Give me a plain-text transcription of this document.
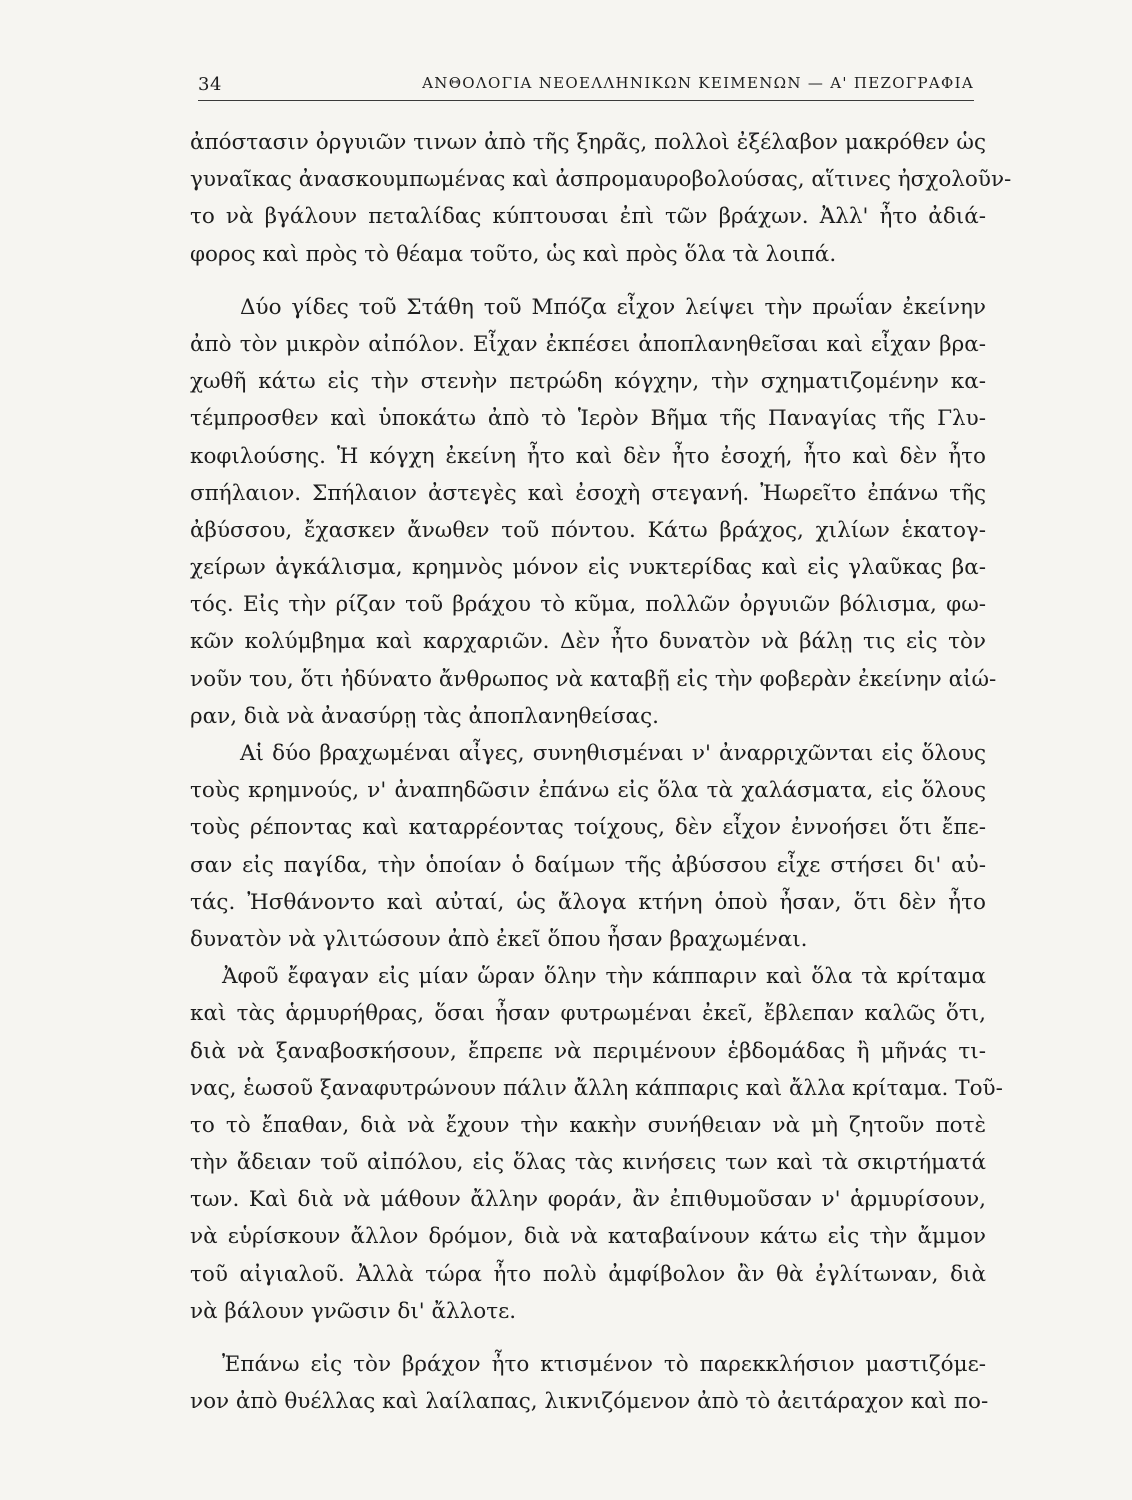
34	ΑΝΘΟΛΟΓΙΑ ΝΕΟΕΛΛΗΝΙΚΩΝ ΚΕΙΜΕΝΩΝ — Α' ΠΕΖΟΓΡΑΦΙΑ
ἀπόστασιν ὀργυιῶν τινων ἀπὸ τῆς ξηρᾶς, πολλοὶ ἐξέλαβον μακρόθεν ὡς
γυναῖκας ἀνασκουμπωμένας καὶ ἀσπρομαυροβολούσας, αἵτινες ἠσχολοῦν-
το νὰ βγάλουν πεταλίδας κύπτουσαι ἐπὶ τῶν βράχων. Ἀλλ' ἦτο ἀδιά-
φορος καὶ πρὸς τὸ θέαμα τοῦτο, ὡς καὶ πρὸς ὅλα τὰ λοιπά.
Δύο γίδες τοῦ Στάθη τοῦ Μπόζα εἶχον λείψει τὴν πρωΐαν ἐκείνην
ἀπὸ τὸν μικρὸν αἰπόλον. Εἶχαν ἐκπέσει ἀποπλανηθεῖσαι καὶ εἶχαν βρα-
χωθῆ κάτω εἰς τὴν στενὴν πετρώδη κόγχην, τὴν σχηματιζομένην κα-
τέμπροσθεν καὶ ὑποκάτω ἀπὸ τὸ Ἱερὸν Βῆμα τῆς Παναγίας τῆς Γλυ-
κοφιλούσης. Ἡ κόγχη ἐκείνη ἦτο καὶ δὲν ἦτο ἐσοχή, ἦτο καὶ δὲν ἦτο
σπήλαιον. Σπήλαιον ἀστεγὲς καὶ ἐσοχὴ στεγανή. Ἠωρεῖτο ἐπάνω τῆς
ἀβύσσου, ἔχασκεν ἄνωθεν τοῦ πόντου. Κάτω βράχος, χιλίων ἑκατογ-
χείρων ἀγκάλισμα, κρημνὸς μόνον εἰς νυκτερίδας καὶ εἰς γλαῦκας βα-
τός. Εἰς τὴν ρίζαν τοῦ βράχου τὸ κῦμα, πολλῶν ὀργυιῶν βόλισμα, φω-
κῶν κολύμβημα καὶ καρχαριῶν. Δὲν ἦτο δυνατὸν νὰ βάλῃ τις εἰς τὸν
νοῦν του, ὅτι ἠδύνατο ἄνθρωπος νὰ καταβῇ εἰς τὴν φοβερὰν ἐκείνην αἰώ-
ραν, διὰ νὰ ἀνασύρῃ τὰς ἀποπλανηθείσας.
Αἱ δύο βραχωμέναι αἶγες, συνηθισμέναι ν' ἀναρριχῶνται εἰς ὅλους
τοὺς κρημνούς, ν' ἀναπηδῶσιν ἐπάνω εἰς ὅλα τὰ χαλάσματα, εἰς ὅλους
τοὺς ρέποντας καὶ καταρρέοντας τοίχους, δὲν εἶχον ἐννοήσει ὅτι ἔπε-
σαν εἰς παγίδα, τὴν ὁποίαν ὁ δαίμων τῆς ἀβύσσου εἶχε στήσει δι' αὐ-
τάς. Ἠσθάνοντο καὶ αὐταί, ὡς ἄλογα κτήνη ὁποὺ ἦσαν, ὅτι δὲν ἦτο
δυνατὸν νὰ γλιτώσουν ἀπὸ ἐκεῖ ὅπου ἦσαν βραχωμέναι.
Ἀφοῦ ἔφαγαν εἰς μίαν ὥραν ὅλην τὴν κάππαριν καὶ ὅλα τὰ κρίταμα
καὶ τὰς ἁρμυρήθρας, ὅσαι ἦσαν φυτρωμέναι ἐκεῖ, ἔβλεπαν καλῶς ὅτι,
διὰ νὰ ξαναβοσκήσουν, ἔπρεπε νὰ περιμένουν ἑβδομάδας ἢ μῆνάς τι-
νας, ἑωσοῦ ξαναφυτρώνουν πάλιν ἄλλη κάππαρις καὶ ἄλλα κρίταμα. Τοῦ-
το τὸ ἔπαθαν, διὰ νὰ ἔχουν τὴν κακὴν συνήθειαν νὰ μὴ ζητοῦν ποτὲ
τὴν ἄδειαν τοῦ αἰπόλου, εἰς ὅλας τὰς κινήσεις των καὶ τὰ σκιρτήματά
των. Καὶ διὰ νὰ μάθουν ἄλλην φοράν, ἂν ἐπιθυμοῦσαν ν' ἁρμυρίσουν,
νὰ εὑρίσκουν ἄλλον δρόμον, διὰ νὰ καταβαίνουν κάτω εἰς τὴν ἄμμον
τοῦ αἰγιαλοῦ. Ἀλλὰ τώρα ἦτο πολὺ ἀμφίβολον ἂν θὰ ἐγλίτωναν, διὰ
νὰ βάλουν γνῶσιν δι' ἄλλοτε.
Ἐπάνω εἰς τὸν βράχον ἦτο κτισμένον τὸ παρεκκλήσιον μαστιζόμε-
νον ἀπὸ θυέλλας καὶ λαίλαπας, λικνιζόμενον ἀπὸ τὸ ἀειτάραχον καὶ πο-
